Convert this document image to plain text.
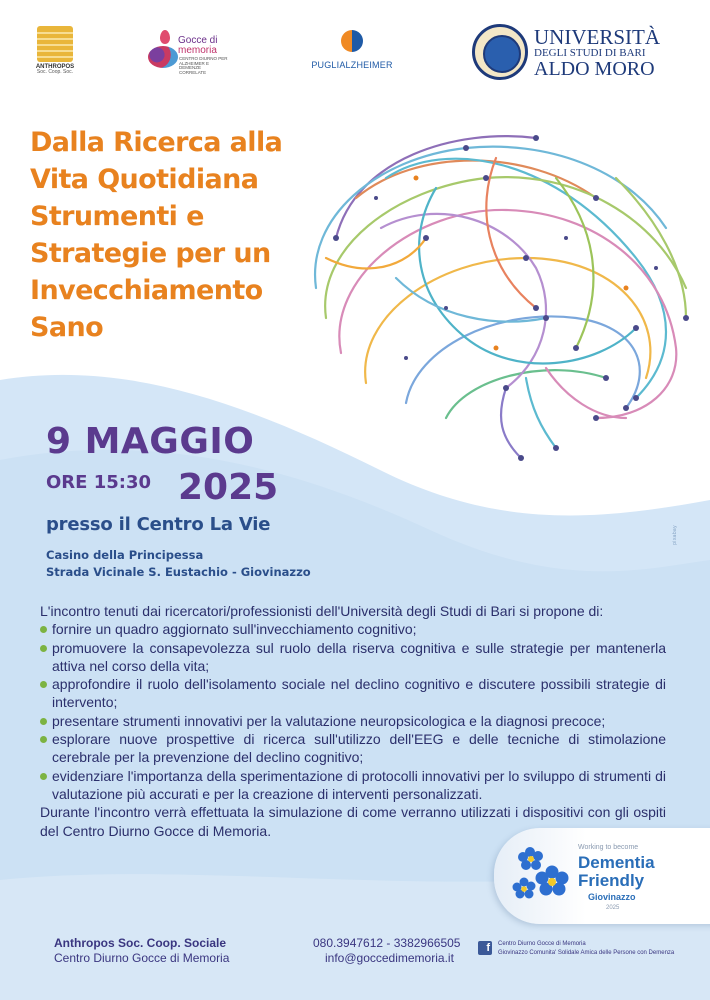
ANTHROPOS
Soc. Coop. Soc.
Gocce di
memoria
CENTRO DIURNO PER ALZHEIMER E DEMENZE CORRELATE
PUGLIALZHEIMER
UNIVERSITÀ
DEGLI STUDI DI BARI
ALDO MORO
Dalla Ricerca alla
Vita Quotidiana
Strumenti e
Strategie per un
Invecchiamento
Sano
9 MAGGIO
ORE 15:30 2025
presso il Centro La Vie
Casino della Principessa
Strada Vicinale S. Eustachio - Giovinazzo
pixabay

L'incontro tenuti dai ricercatori/professionisti dell'Università degli Studi di Bari si propone di:

fornire un quadro aggiornato sull'invecchiamento cognitivo;
promuovere la consapevolezza sul ruolo della riserva cognitiva e sulle strategie per mantenerla attiva nel corso della vita;
approfondire il ruolo dell'isolamento sociale nel declino cognitivo e discutere possibili strategie di intervento;
presentare strumenti innovativi per la valutazione neuropsicologica e la diagnosi precoce;
esplorare nuove prospettive di ricerca sull'utilizzo dell'EEG e delle tecniche di stimolazione cerebrale per la prevenzione del declino cognitivo;
evidenziare l'importanza della sperimentazione di protocolli innovativi per lo sviluppo di strumenti di valutazione più accurati e per la creazione di interventi personalizzati.

Durante l'incontro verrà effettuata la simulazione di come verranno utilizzati i dispositivi con gli ospiti del Centro Diurno Gocce di Memoria.

Working to become
Dementia
Friendly
Giovinazzo
2025
Anthropos Soc. Coop. Sociale
Centro Diurno Gocce di Memoria
080.3947612 - 3382966505
info@goccedimemoria.it
f	Centro Diurno Gocce di Memoria
Giovinazzo Comunita' Solidale Amica delle Persone con Demenza
